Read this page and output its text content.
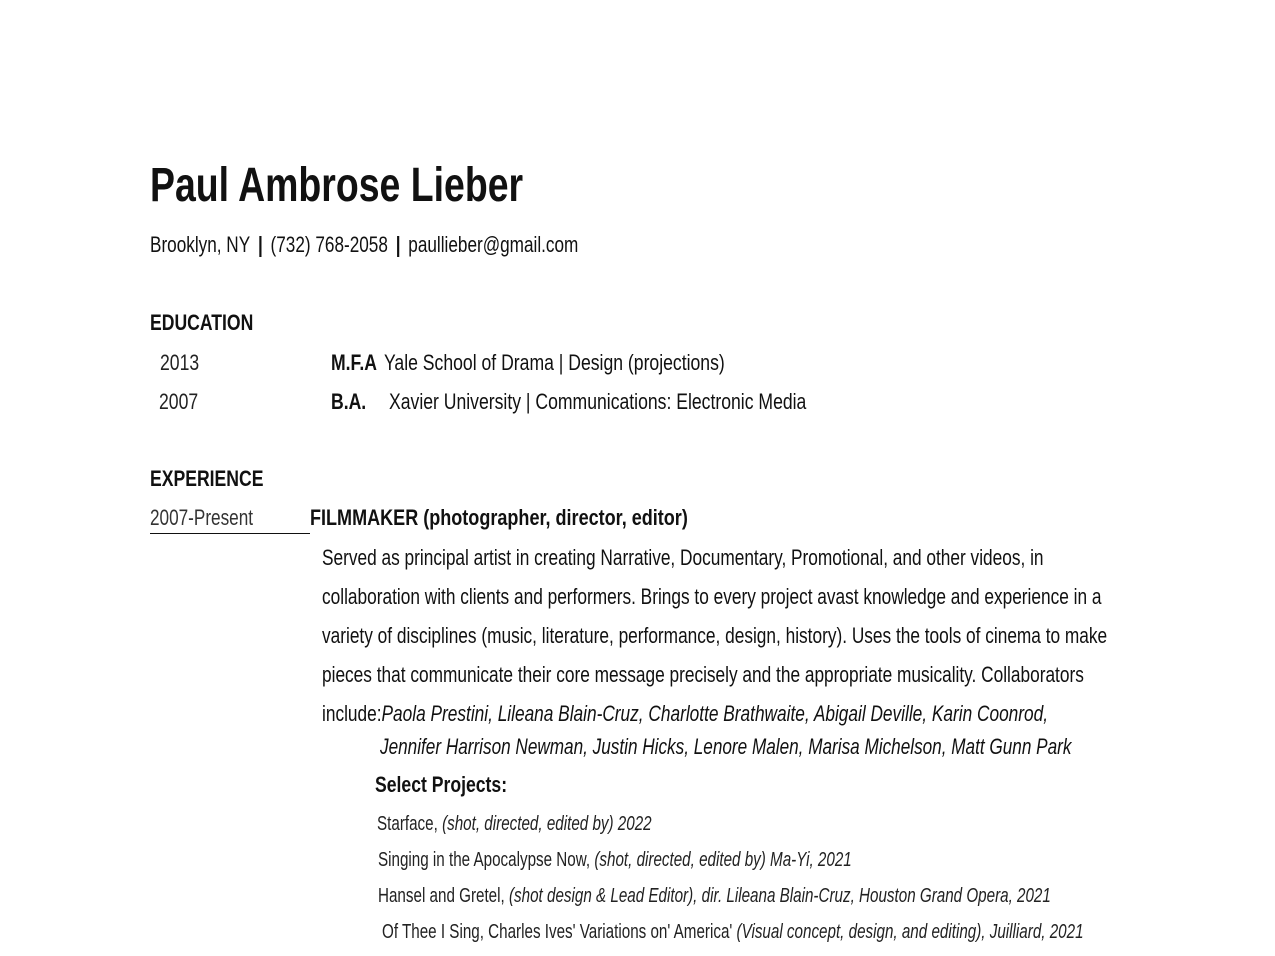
Paul Ambrose Lieber
Brooklyn, NY | (732) 768-2058 | paullieber@gmail.com
EDUCATION
2013	M.F.A Yale School of Drama | Design (projections)
2007	B.A.	Xavier University | Communications: Electronic Media
EXPERIENCE
2007-Present	FILMMAKER (photographer, director, editor)
Served as principal artist in creating Narrative, Documentary, Promotional, and other videos, in
collaboration with clients and performers. Brings to every project avast knowledge and experience in a
variety of disciplines (music, literature, performance, design, history). Uses the tools of cinema to make
pieces that communicate their core message precisely and the appropriate musicality. Collaborators
include:Paola Prestini, Lileana Blain-Cruz, Charlotte Brathwaite, Abigail Deville, Karin Coonrod,
Jennifer Harrison Newman, Justin Hicks, Lenore Malen, Marisa Michelson, Matt Gunn Park
Select Projects:
Starface, (shot, directed, edited by) 2022
Singing in the Apocalypse Now, (shot, directed, edited by) Ma-Yi, 2021
Hansel and Gretel, (shot design & Lead Editor), dir. Lileana Blain-Cruz, Houston Grand Opera, 2021
Of Thee I Sing, Charles Ives' Variations on' America' (Visual concept, design, and editing), Juilliard, 2021
